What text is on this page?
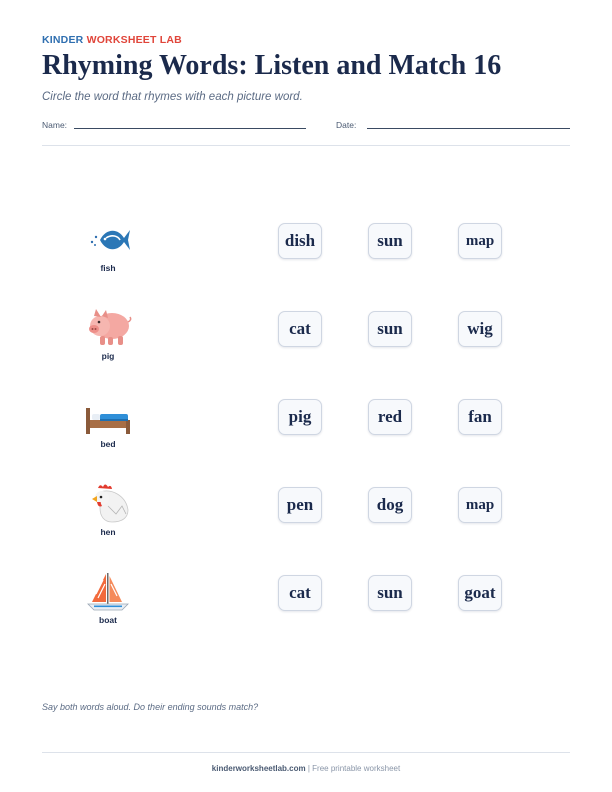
KINDER WORKSHEET LAB
Rhyming Words: Listen and Match 16
Circle the word that rhymes with each picture word.
Name:	Date:
fish
dish	sun	map
pig
cat	sun	wig
bed
pig	red	fan
hen
pen	dog	map
boat
cat	sun	goat
Say both words aloud. Do their ending sounds match?
kinderworksheetlab.com | Free printable worksheet
